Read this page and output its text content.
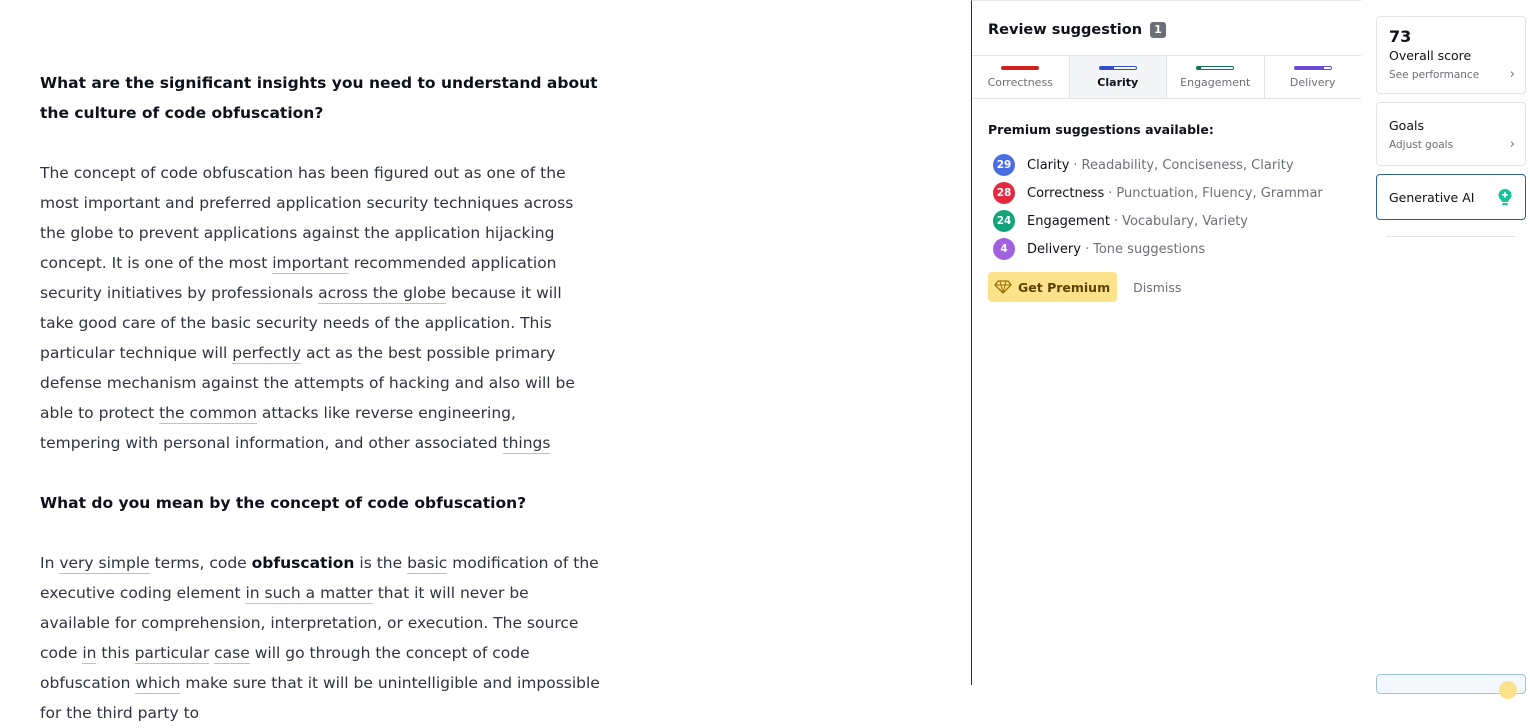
What are the significant insights you need to understand about the culture of code obfuscation?
The concept of code obfuscation has been figured out as one of the most important and preferred application security techniques across the globe to prevent applications against the application hijacking concept. It is one of the most important recommended application security initiatives by professionals across the globe because it will take good care of the basic security needs of the application. This particular technique will perfectly act as the best possible primary defense mechanism against the attempts of hacking and also will be able to protect the common attacks like reverse engineering, tempering with personal information, and other associated things
What do you mean by the concept of code obfuscation?
In very simple terms, code obfuscation is the basic modification of the executive coding element in such a matter that it will never be available for comprehension, interpretation, or execution. The source code in this particular case will go through the concept of code obfuscation which make sure that it will be unintelligible and impossible for the third party to
Review suggestion	1
Correctness	Clarity	Engagement	Delivery
Premium suggestions available:
29 Clarity · Readability, Conciseness, Clarity
28 Correctness · Punctuation, Fluency, Grammar
24 Engagement · Vocabulary, Variety
4	Delivery · Tone suggestions
Get Premium Dismiss
73
Overall score
See performance ›
Goals
Adjust goals	›
Generative AI
